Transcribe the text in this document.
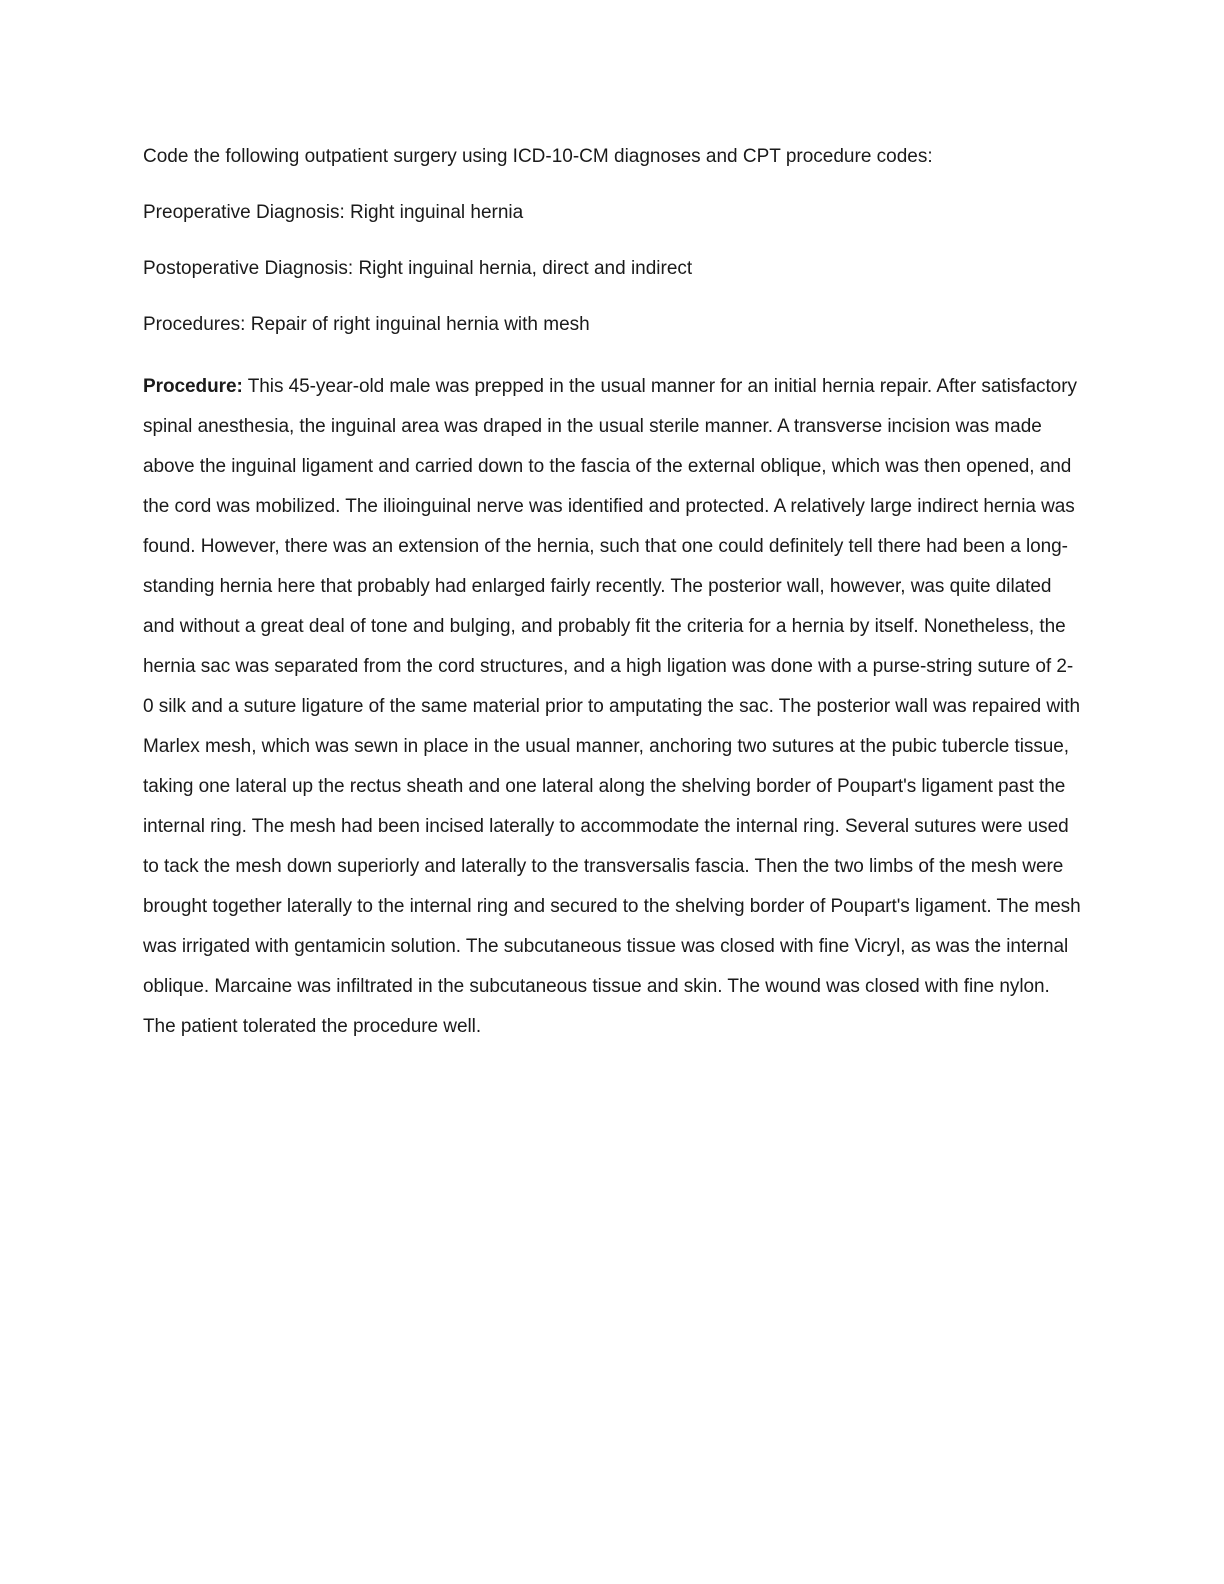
Code the following outpatient surgery using ICD-10-CM diagnoses and CPT procedure codes:

Preoperative Diagnosis: Right inguinal hernia

Postoperative Diagnosis: Right inguinal hernia, direct and indirect

Procedures: Repair of right inguinal hernia with mesh

Procedure: This 45-year-old male was prepped in the usual manner for an initial hernia repair. After satisfactory spinal anesthesia, the inguinal area was draped in the usual sterile manner. A transverse incision was made above the inguinal ligament and carried down to the fascia of the external oblique, which was then opened, and the cord was mobilized. The ilioinguinal nerve was identified and protected. A relatively large indirect hernia was found. However, there was an extension of the hernia, such that one could definitely tell there had been a long-standing hernia here that probably had enlarged fairly recently. The posterior wall, however, was quite dilated and without a great deal of tone and bulging, and probably fit the criteria for a hernia by itself. Nonetheless, the hernia sac was separated from the cord structures, and a high ligation was done with a purse-string suture of 2-0 silk and a suture ligature of the same material prior to amputating the sac. The posterior wall was repaired with Marlex mesh, which was sewn in place in the usual manner, anchoring two sutures at the pubic tubercle tissue, taking one lateral up the rectus sheath and one lateral along the shelving border of Poupart's ligament past the internal ring. The mesh had been incised laterally to accommodate the internal ring. Several sutures were used to tack the mesh down superiorly and laterally to the transversalis fascia. Then the two limbs of the mesh were brought together laterally to the internal ring and secured to the shelving border of Poupart's ligament. The mesh was irrigated with gentamicin solution. The subcutaneous tissue was closed with fine Vicryl, as was the internal oblique. Marcaine was infiltrated in the subcutaneous tissue and skin. The wound was closed with fine nylon. The patient tolerated the procedure well.
